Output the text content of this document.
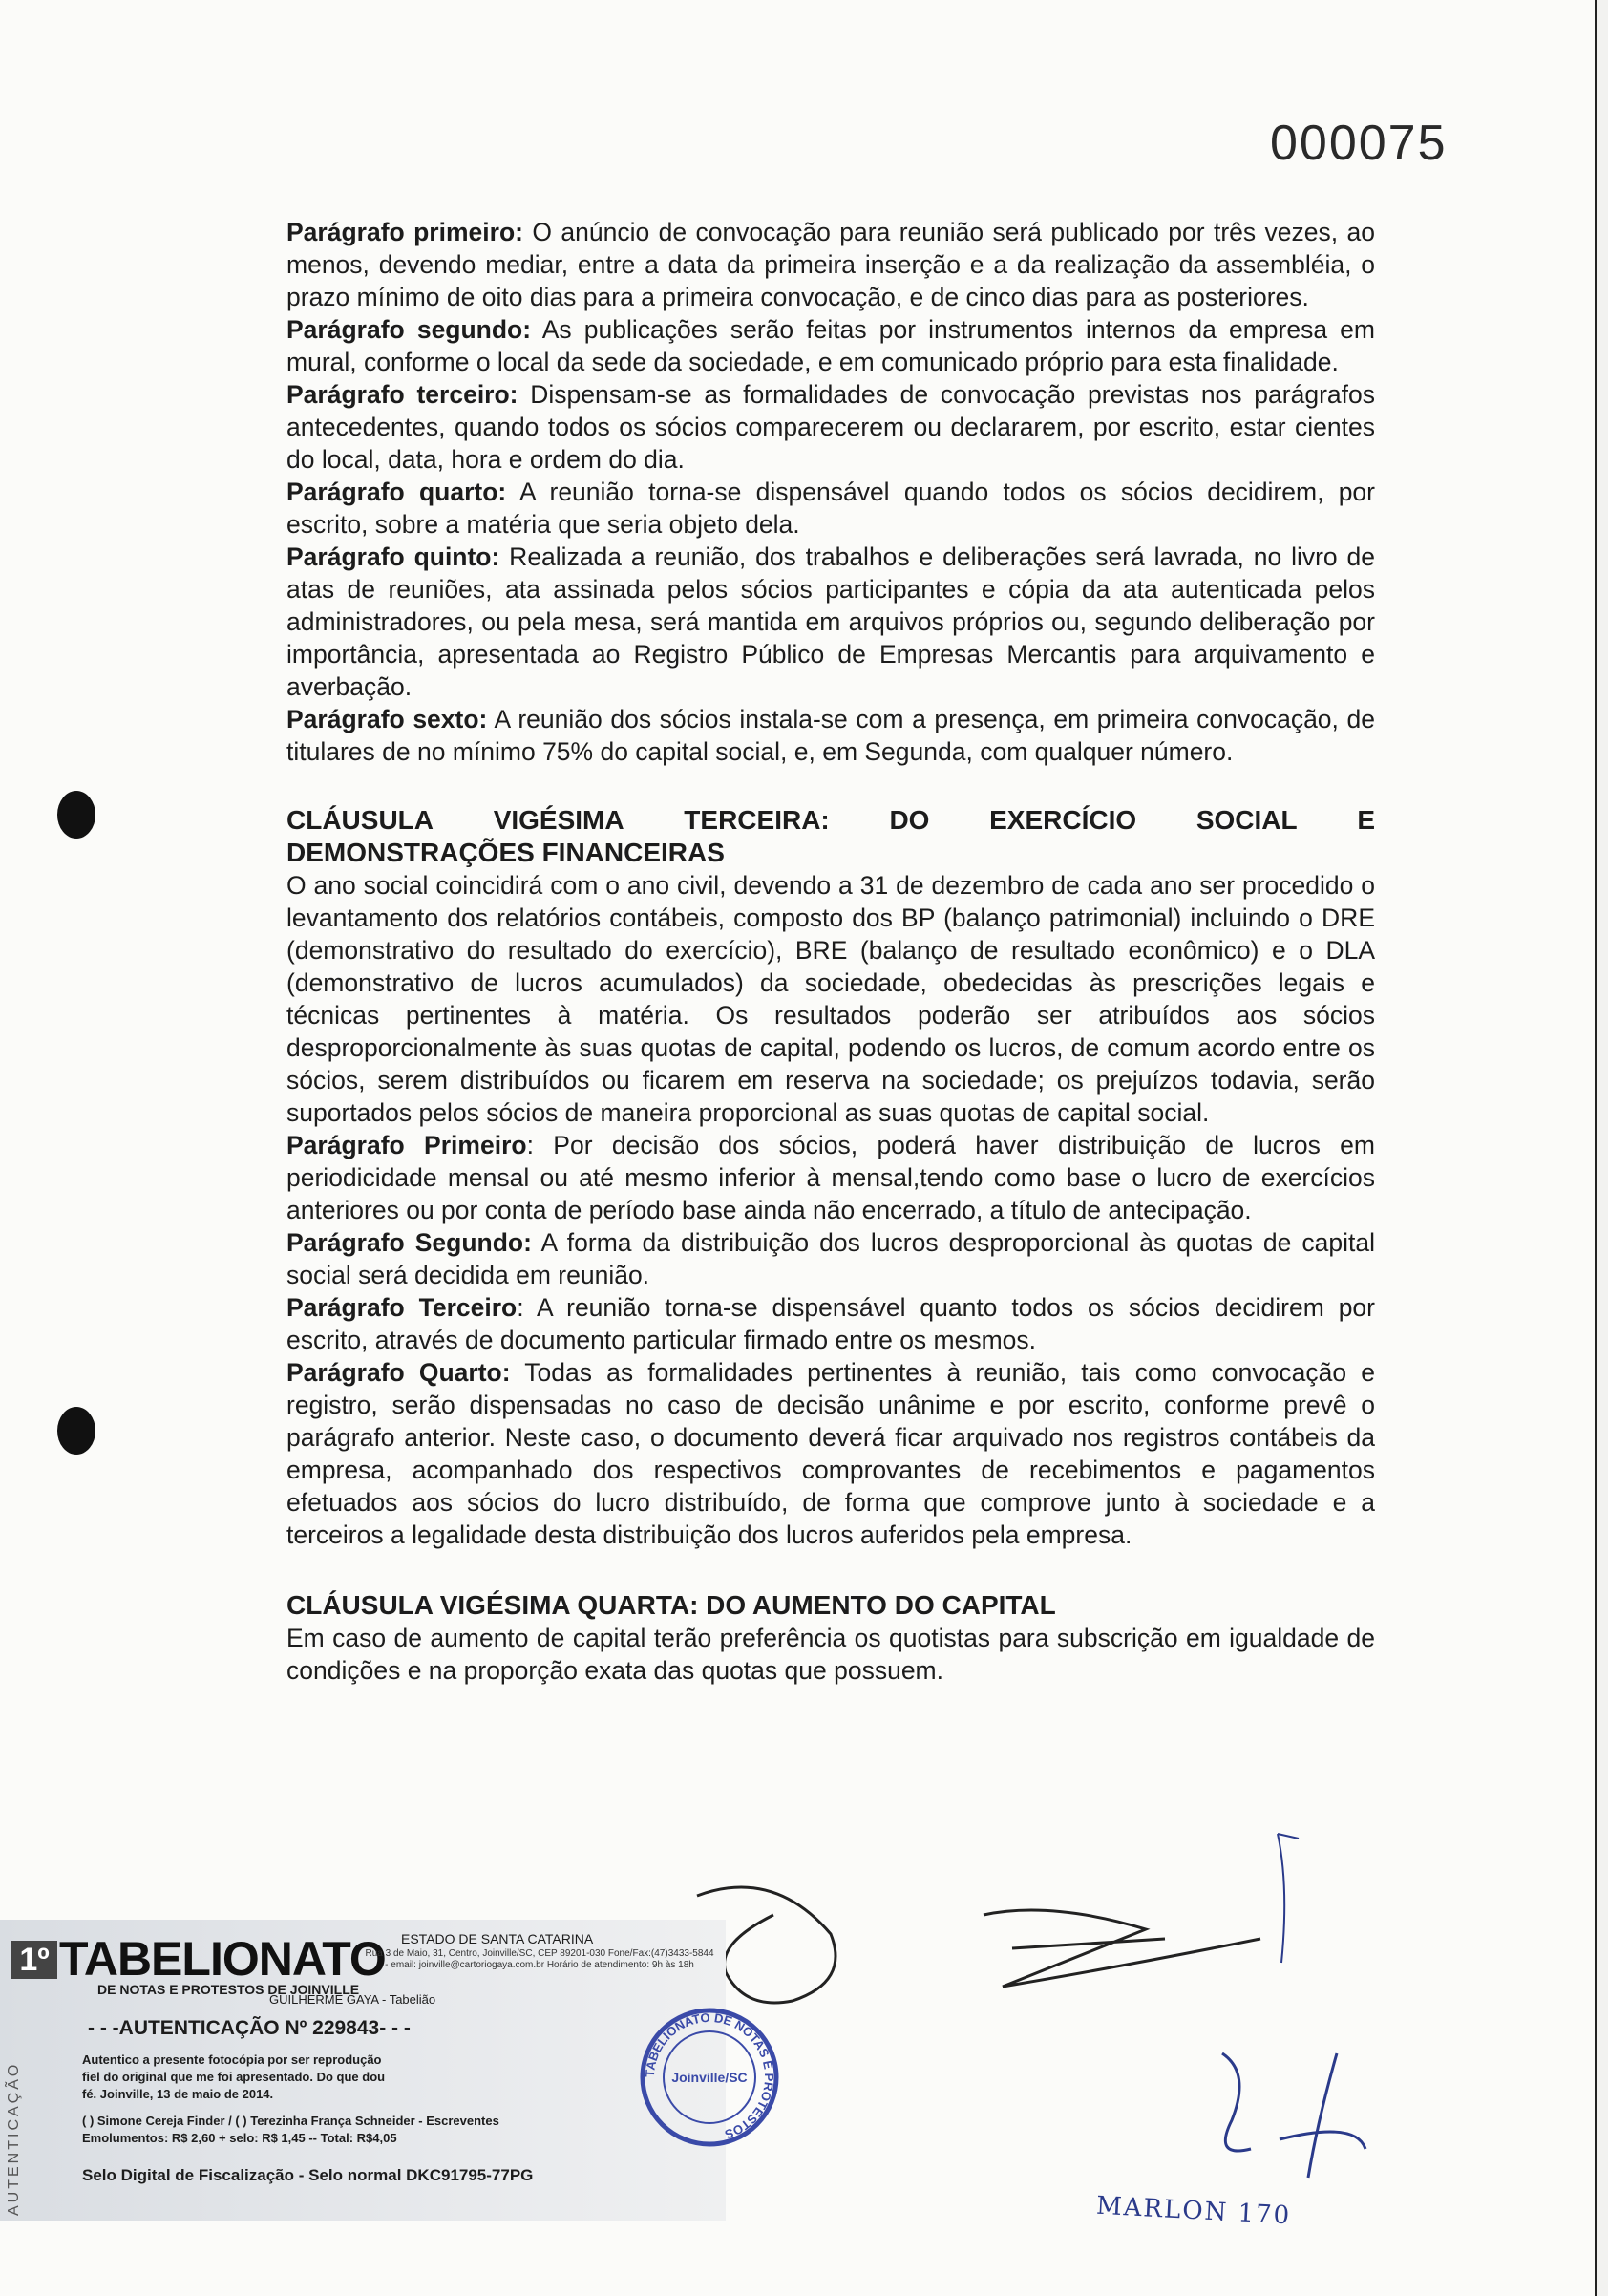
000075

Parágrafo primeiro: O anúncio de convocação para reunião será publicado por três vezes, ao menos, devendo mediar, entre a data da primeira inserção e a da realização da assembléia, o prazo mínimo de oito dias para a primeira convocação, e de cinco dias para as posteriores.

Parágrafo segundo: As publicações serão feitas por instrumentos internos da empresa em mural, conforme o local da sede da sociedade, e em comunicado próprio para esta finalidade.

Parágrafo terceiro: Dispensam-se as formalidades de convocação previstas nos parágrafos antecedentes, quando todos os sócios comparecerem ou declararem, por escrito, estar cientes do local, data, hora e ordem do dia.

Parágrafo quarto: A reunião torna-se dispensável quando todos os sócios decidirem, por escrito, sobre a matéria que seria objeto dela.

Parágrafo quinto: Realizada a reunião, dos trabalhos e deliberações será lavrada, no livro de atas de reuniões, ata assinada pelos sócios participantes e cópia da ata autenticada pelos administradores, ou pela mesa, será mantida em arquivos próprios ou, segundo deliberação por importância, apresentada ao Registro Público de Empresas Mercantis para arquivamento e averbação.

Parágrafo sexto: A reunião dos sócios instala-se com a presença, em primeira convocação, de titulares de no mínimo 75% do capital social, e, em Segunda, com qualquer número.

CLÁUSULA VIGÉSIMA TERCEIRA: DO EXERCÍCIO SOCIAL E
DEMONSTRAÇÕES FINANCEIRAS

O ano social coincidirá com o ano civil, devendo a 31 de dezembro de cada ano ser procedido o levantamento dos relatórios contábeis, composto dos BP (balanço patrimonial) incluindo o DRE (demonstrativo do resultado do exercício), BRE (balanço de resultado econômico) e o DLA (demonstrativo de lucros acumulados) da sociedade, obedecidas às prescrições legais e técnicas pertinentes à matéria. Os resultados poderão ser atribuídos aos sócios desproporcionalmente às suas quotas de capital, podendo os lucros, de comum acordo entre os sócios, serem distribuídos ou ficarem em reserva na sociedade; os prejuízos todavia, serão suportados pelos sócios de maneira proporcional as suas quotas de capital social.

Parágrafo Primeiro: Por decisão dos sócios, poderá haver distribuição de lucros em periodicidade mensal ou até mesmo inferior à mensal,tendo como base o lucro de exercícios anteriores ou por conta de período base ainda não encerrado, a título de antecipação.

Parágrafo Segundo: A forma da distribuição dos lucros desproporcional às quotas de capital social será decidida em reunião.

Parágrafo Terceiro: A reunião torna-se dispensável quanto todos os sócios decidirem por escrito, através de documento particular firmado entre os mesmos.

Parágrafo Quarto: Todas as formalidades pertinentes à reunião, tais como convocação e registro, serão dispensadas no caso de decisão unânime e por escrito, conforme prevê o parágrafo anterior. Neste caso, o documento deverá ficar arquivado nos registros contábeis da empresa, acompanhado dos respectivos comprovantes de recebimentos e pagamentos efetuados aos sócios do lucro distribuído, de forma que comprove junto à sociedade e a terceiros a legalidade desta distribuição dos lucros auferidos pela empresa.

CLÁUSULA VIGÉSIMA QUARTA: DO AUMENTO DO CAPITAL

Em caso de aumento de capital terão preferência os quotistas para subscrição em igualdade de condições e na proporção exata das quotas que possuem.

MARLON 170
AUTENTICAÇÃO
1º TABELIONATO
DE NOTAS E PROTESTOS DE JOINVILLE
GUILHERME GAYA - Tabelião
ESTADO DE SANTA CATARINA
Rua 3 de Maio, 31, Centro, Joinville/SC, CEP 89201-030 Fone/Fax:(47)3433-5844 - email: joinville@cartoriogaya.com.br Horário de atendimento: 9h às 18h
- - -AUTENTICAÇÃO Nº 229843- - -
Autentico a presente fotocópia por ser reprodução fiel do original que me foi apresentado. Do que dou fé. Joinville, 13 de maio de 2014.
( ) Simone Cereja Finder / ( ) Terezinha França Schneider - Escreventes
Emolumentos: R$ 2,60 + selo: R$ 1,45 -- Total: R$4,05
Selo Digital de Fiscalização - Selo normal DKC91795-77PG
TABELIONATO DE NOTAS E PROTESTOS
Joinville/SC
